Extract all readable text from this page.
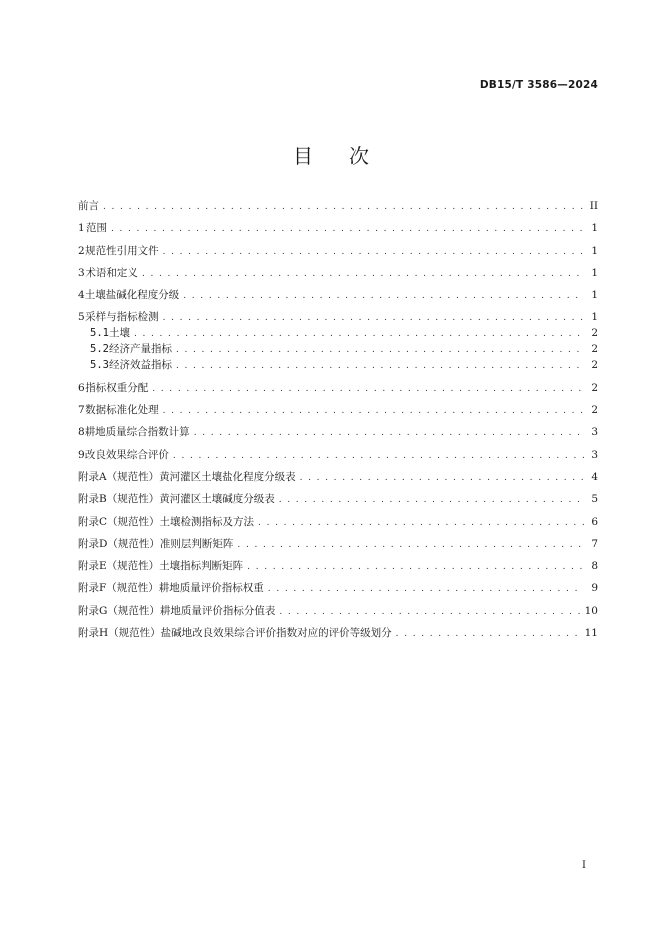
DB15/T 3586—2024
目 次
前言 . . .	II
1 范围 . . .	1
2 规范性引用文件 . . .	1
3 术语和定义 . . .	1
4 土壤盐碱化程度分级 . . .	1
5 采样与指标检测 . . .	1
5.1 土壤 . . .	2
5.2 经济产量指标 . . .	2
5.3 经济效益指标 . . .	2
6 指标权重分配 . . .	2
7 数据标准化处理 . . .	2
8 耕地质量综合指数计算 . . .	3
9 改良效果综合评价 . . .	3
附录A（规范性） 黄河灌区土壤盐化程度分级表 . . .	4
附录B（规范性） 黄河灌区土壤碱度分级表 . . .	5
附录C（规范性） 土壤检测指标及方法 . . .	6
附录D（规范性） 准则层判断矩阵 . . .	7
附录E（规范性） 土壤指标判断矩阵 . . .	8
附录F（规范性） 耕地质量评价指标权重 . . .	9
附录G（规范性） 耕地质量评价指标分值表 . . .	10
附录H（规范性） 盐碱地改良效果综合评价指数对应的评价等级划分 . . .	11
I
